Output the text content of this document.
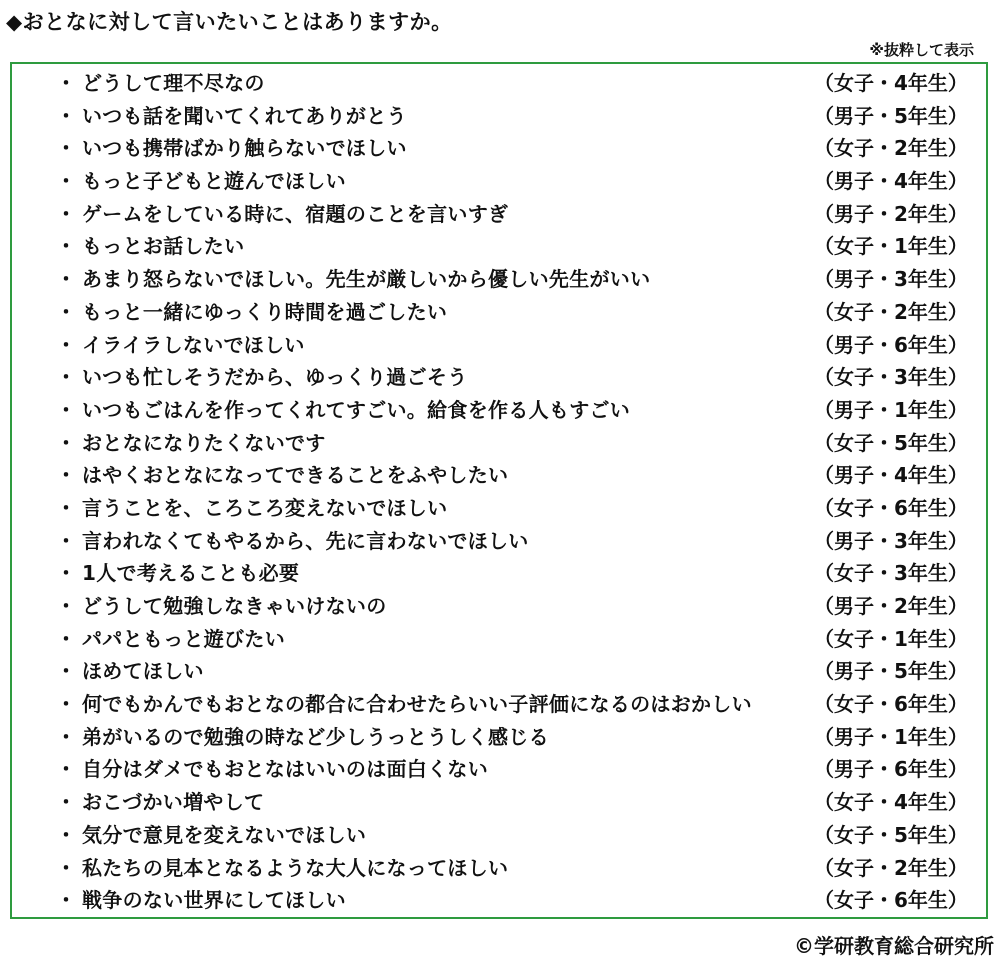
◆おとなに対して言いたいことはありますか。
※抜粋して表示
・ どうして理不尽なの	（女子・4年生）
・ いつも話を聞いてくれてありがとう	（男子・5年生）
・ いつも携帯ばかり触らないでほしい	（女子・2年生）
・ もっと子どもと遊んでほしい	（男子・4年生）
・ ゲームをしている時に、宿題のことを言いすぎ	（男子・2年生）
・ もっとお話したい	（女子・1年生）
・ あまり怒らないでほしい。先生が厳しいから優しい先生がいい	（男子・3年生）
・ もっと一緒にゆっくり時間を過ごしたい	（女子・2年生）
・ イライラしないでほしい	（男子・6年生）
・ いつも忙しそうだから、ゆっくり過ごそう	（女子・3年生）
・ いつもごはんを作ってくれてすごい。給食を作る人もすごい	（男子・1年生）
・ おとなになりたくないです	（女子・5年生）
・ はやくおとなになってできることをふやしたい	（男子・4年生）
・ 言うことを、ころころ変えないでほしい	（女子・6年生）
・ 言われなくてもやるから、先に言わないでほしい	（男子・3年生）
・ 1人で考えることも必要	（女子・3年生）
・ どうして勉強しなきゃいけないの	（男子・2年生）
・ パパともっと遊びたい	（女子・1年生）
・ ほめてほしい	（男子・5年生）
・ 何でもかんでもおとなの都合に合わせたらいい子評価になるのはおかしい	（女子・6年生）
・ 弟がいるので勉強の時など少しうっとうしく感じる	（男子・1年生）
・ 自分はダメでもおとなはいいのは面白くない	（男子・6年生）
・ おこづかい増やして	（女子・4年生）
・ 気分で意見を変えないでほしい	（女子・5年生）
・ 私たちの見本となるような大人になってほしい	（女子・2年生）
・ 戦争のない世界にしてほしい	（女子・6年生）
©学研教育総合研究所
